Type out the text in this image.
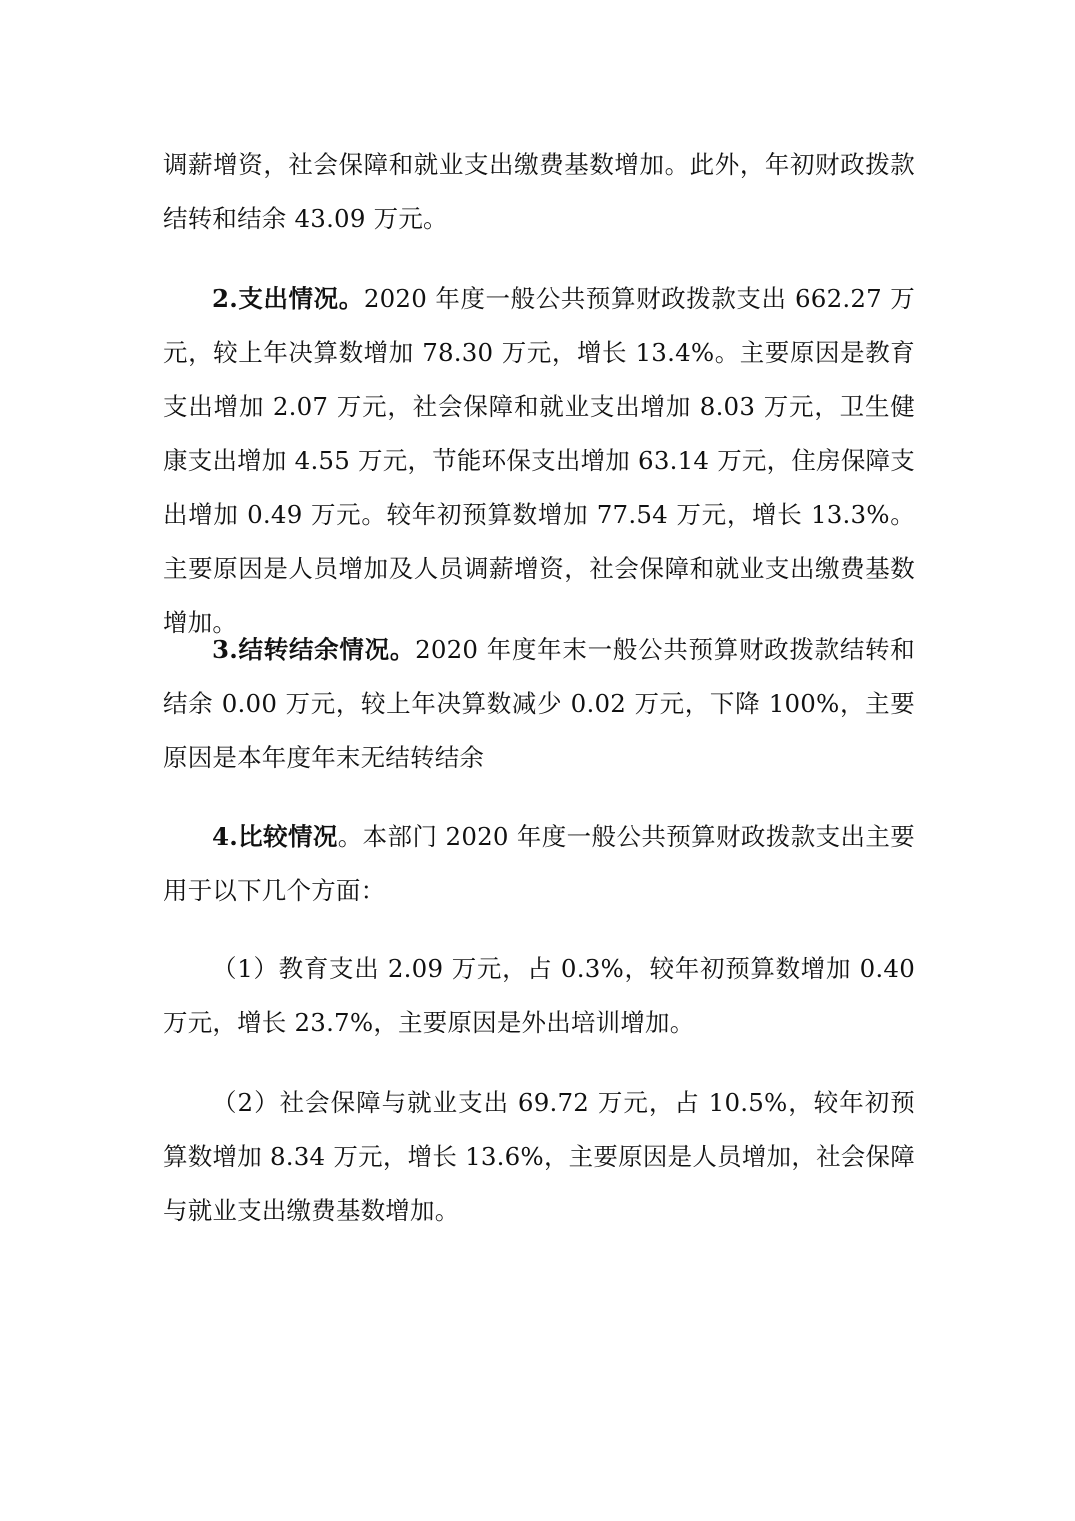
调薪增资，社会保障和就业支出缴费基数增加。此外，年初财政拨款结转和结余 43.09 万元。

2.支出情况。2020 年度一般公共预算财政拨款支出 662.27 万元，较上年决算数增加 78.30 万元，增长 13.4%。主要原因是教育支出增加 2.07 万元，社会保障和就业支出增加 8.03 万元，卫生健康支出增加 4.55 万元，节能环保支出增加 63.14 万元，住房保障支出增加 0.49 万元。较年初预算数增加 77.54 万元，增长 13.3%。主要原因是人员增加及人员调薪增资，社会保障和就业支出缴费基数增加。

3.结转结余情况。2020 年度年末一般公共预算财政拨款结转和结余 0.00 万元，较上年决算数减少 0.02 万元，下降 100%，主要原因是本年度年末无结转结余

4.比较情况。本部门 2020 年度一般公共预算财政拨款支出主要用于以下几个方面：

（1）教育支出 2.09 万元，占 0.3%，较年初预算数增加 0.40 万元，增长 23.7%，主要原因是外出培训增加。

（2）社会保障与就业支出 69.72 万元，占 10.5%，较年初预算数增加 8.34 万元，增长 13.6%，主要原因是人员增加，社会保障与就业支出缴费基数增加。
